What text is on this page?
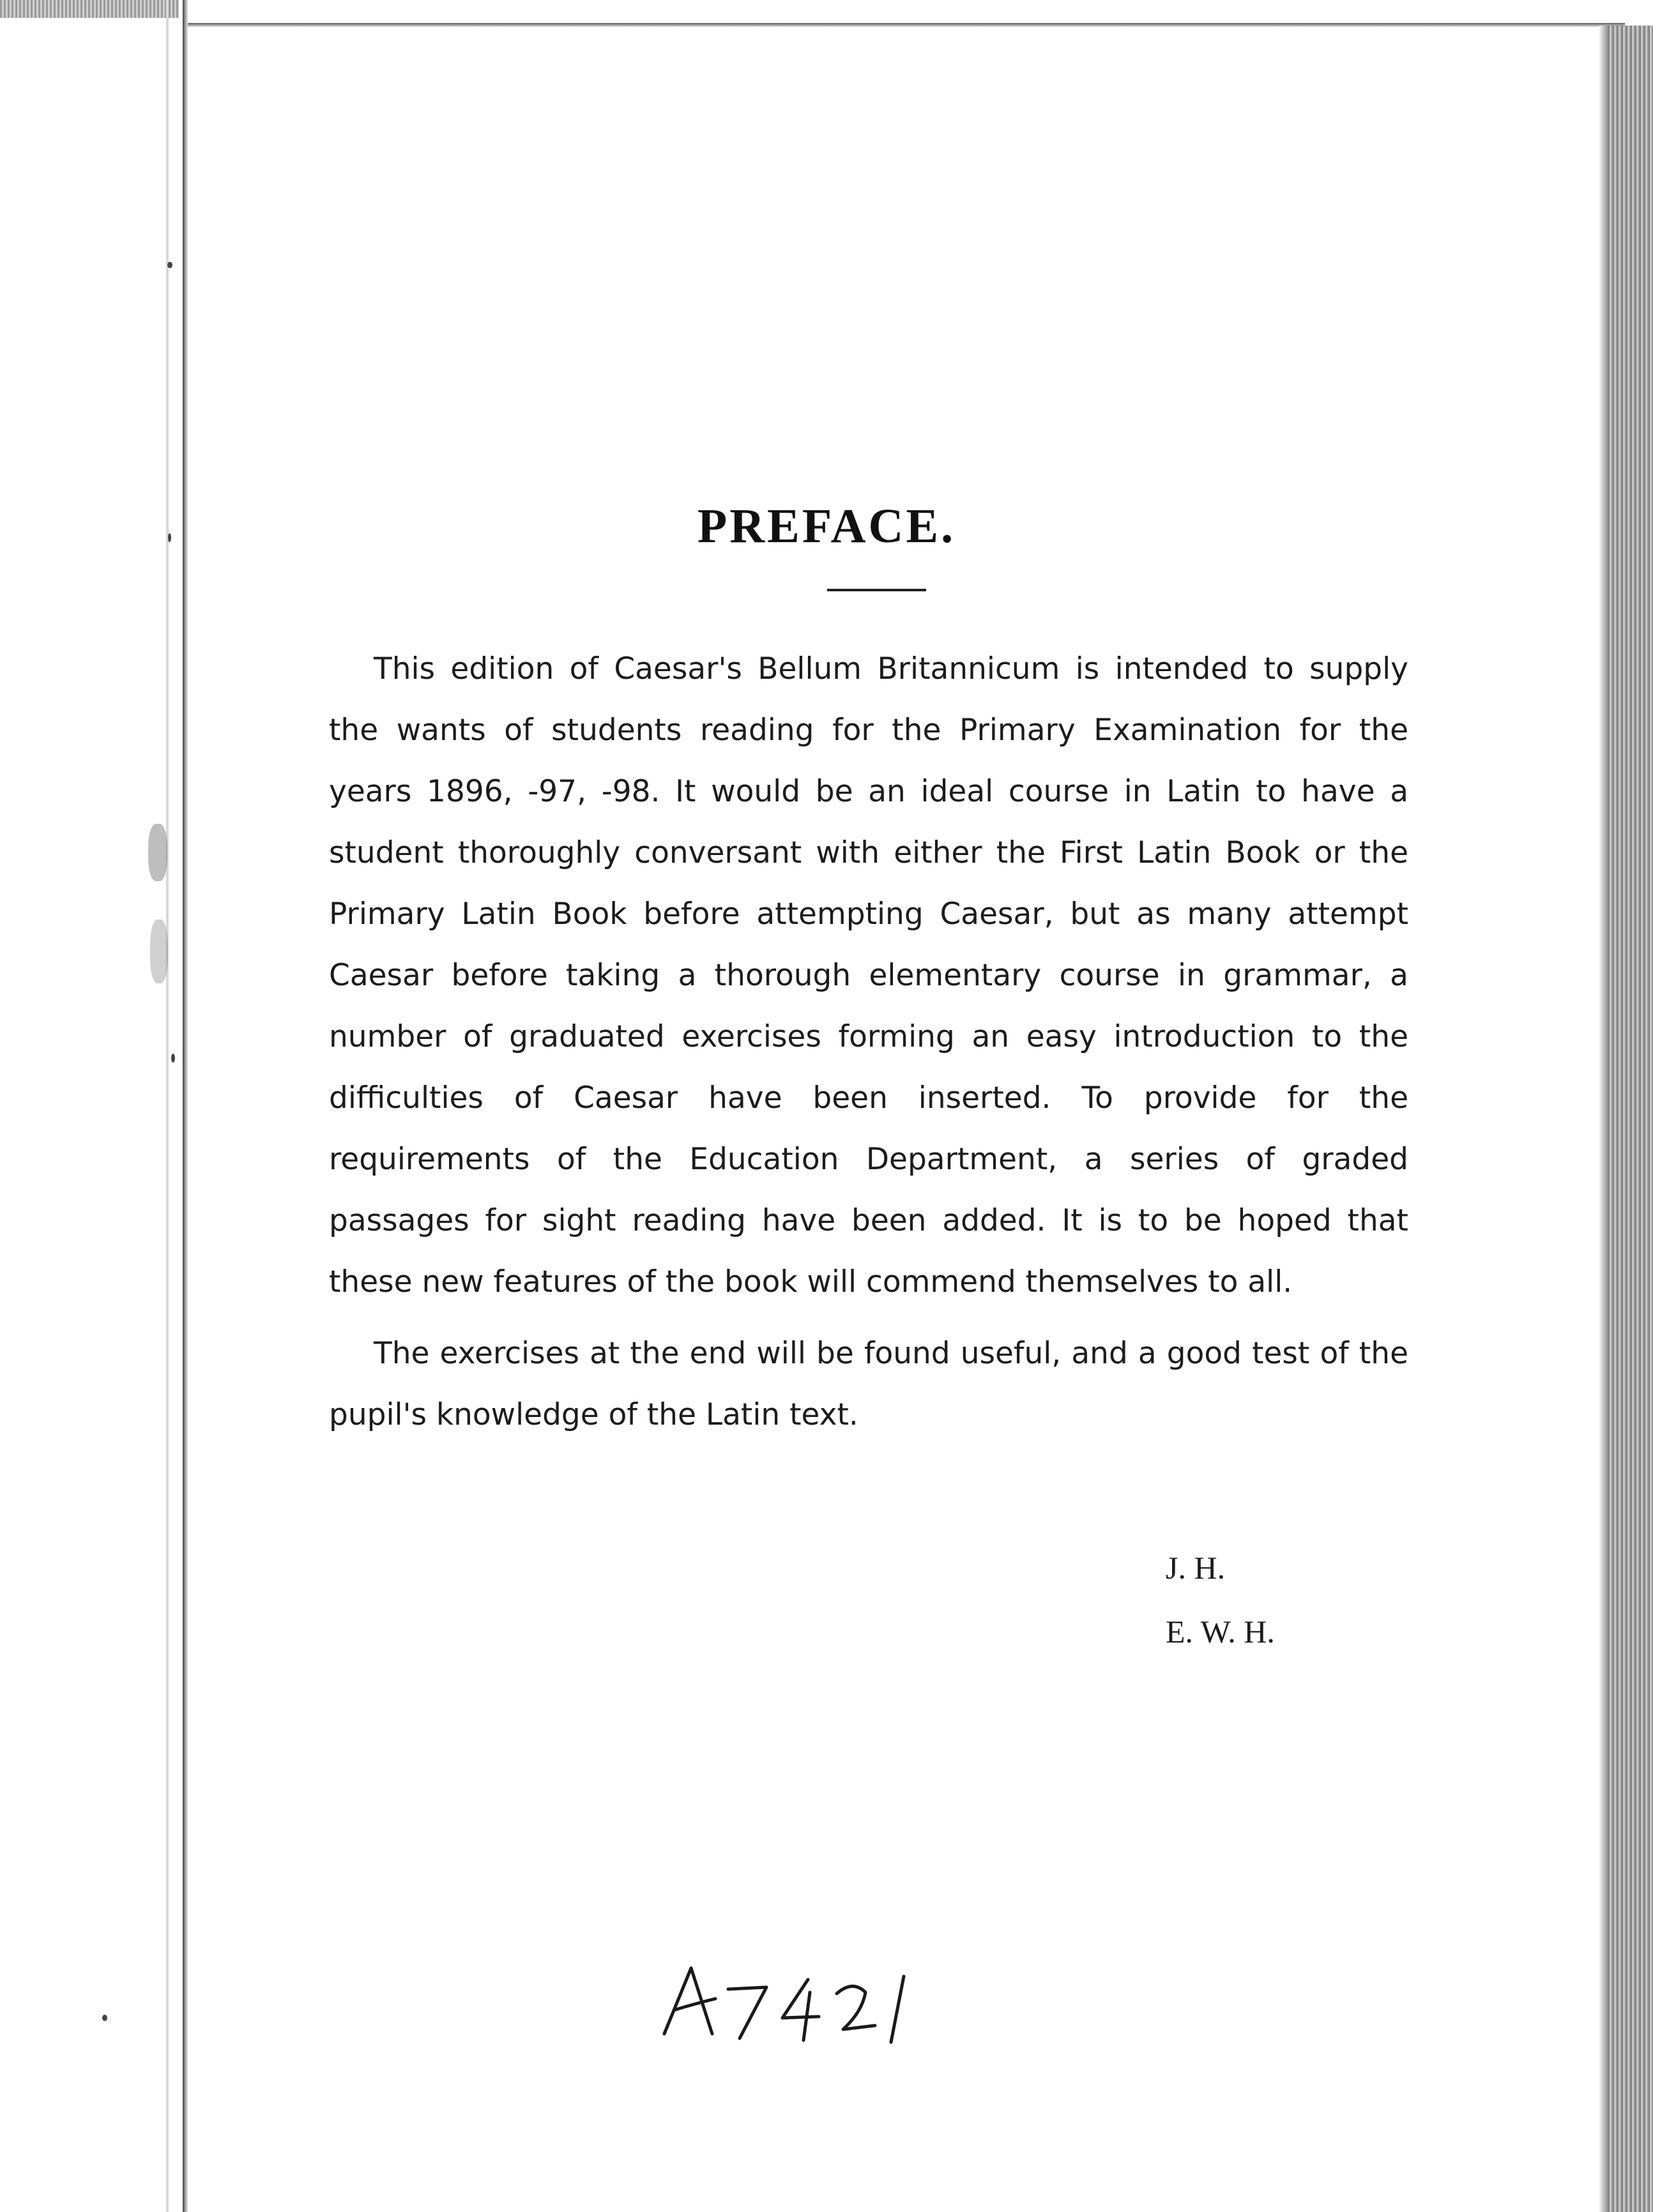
PREFACE.

This edition of Caesar's Bellum Britannicum is intended to supply the wants of students reading for the Primary Examination for the years 1896, -97, -98. It would be an ideal course in Latin to have a student thoroughly conversant with either the First Latin Book or the Primary Latin Book before attempting Caesar, but as many attempt Caesar before taking a thorough elementary course in grammar, a number of graduated exercises forming an easy introduction to the difficulties of Caesar have been inserted. To provide for the requirements of the Education Department, a series of graded passages for sight reading have been added. It is to be hoped that these new features of the book will commend themselves to all.

The exercises at the end will be found useful, and a good test of the pupil's knowledge of the Latin text.

J. H.
E. W. H.
